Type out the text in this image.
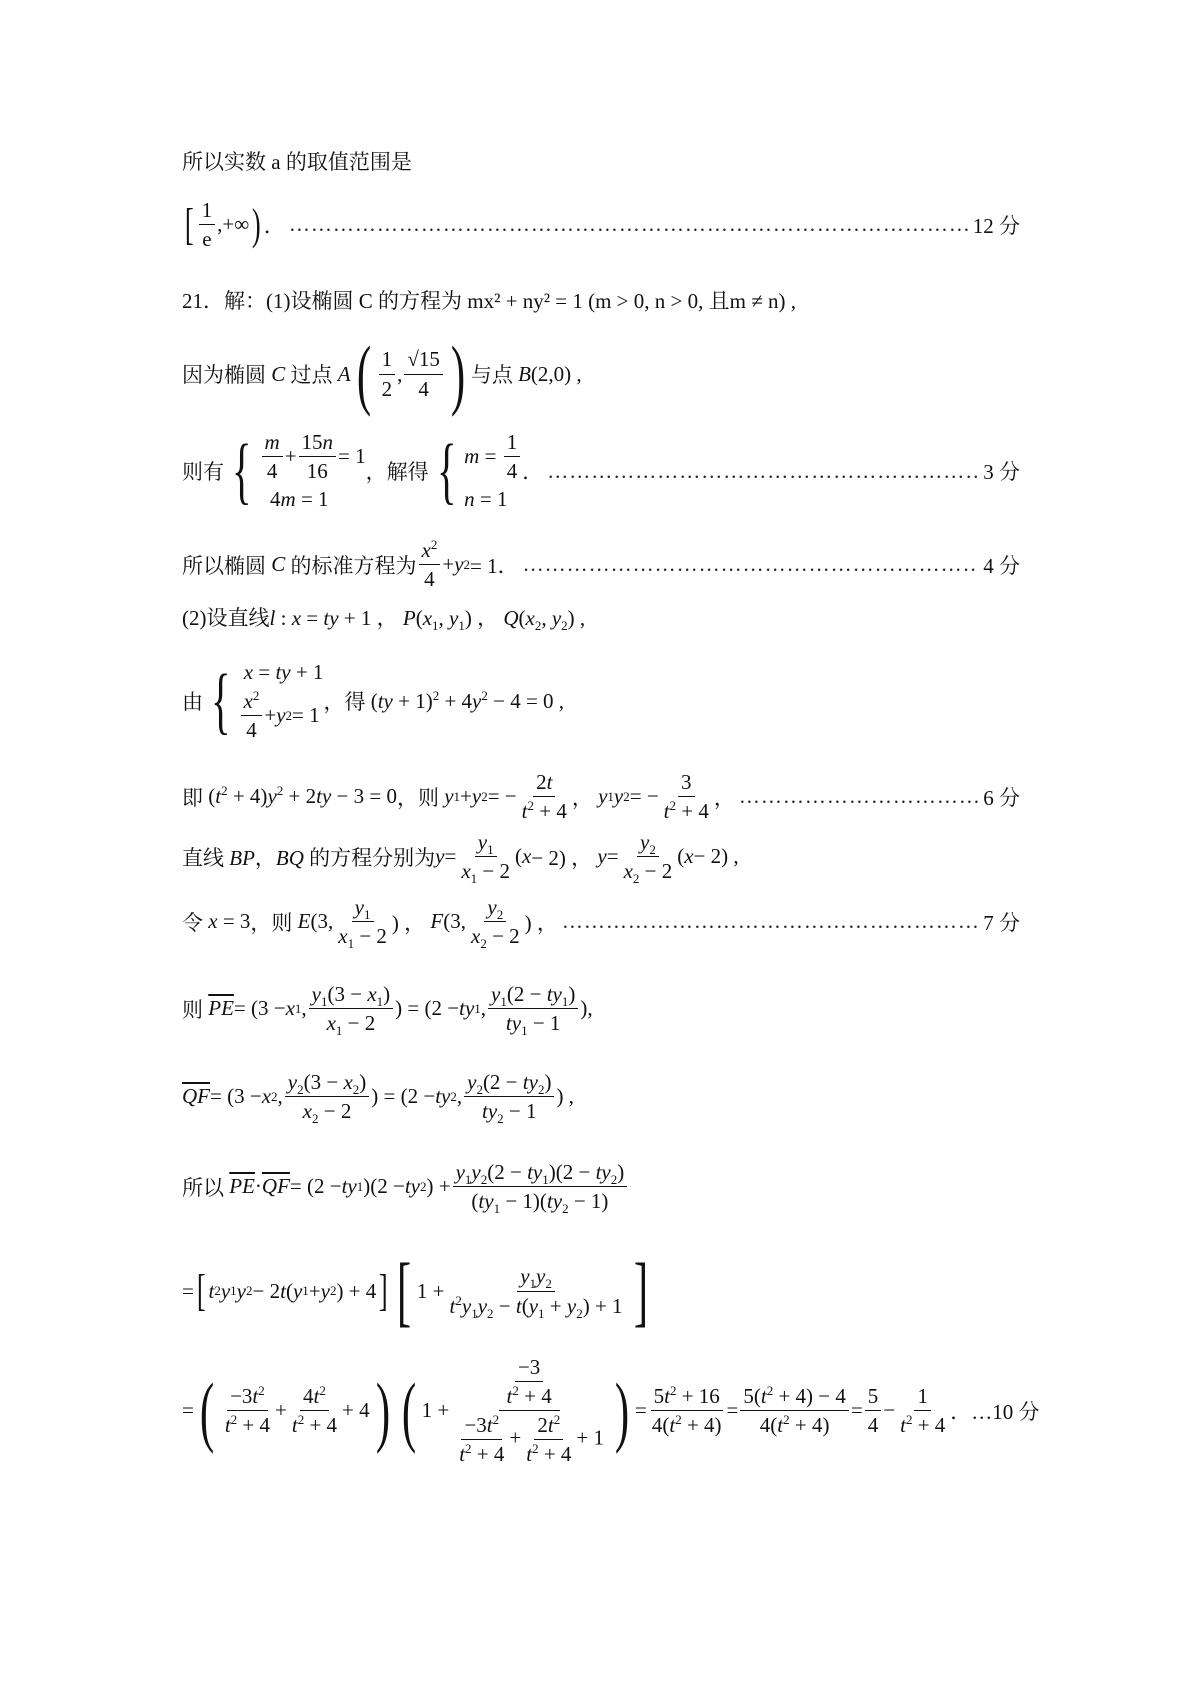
所以实数 a 的取值范围是
[ $\frac{1}{e}$ ,+∞ ) ． …………………………………………………………………………………………………………………………………………………………………………	12 分
21．解：(1)设椭圆 C 的方程为 mx² + ny² = 1 (m > 0, n > 0, 且m ≠ n) ,
因为椭圆 C 过点 A ( $\frac{1}{2}$ , $\frac{√15}{4}$ ) 与点 B(2,0) ,
则有 { $\frac{m}{4} + \frac{15n}{16} = 1$
4m = 1
，解得 { $m = \frac{1}{4}$
n = 1
． …………………………………………………………………………………………………………………………………………………………………………	3 分
所以椭圆 C 的标准方程为 $\frac{x^2}{4} + y$ 2 = 1． …………………………………………………………………………………………………………………………………………………………………………	4 分
(2)设直线 l : x = ty + 1 ， $P(x_1$, $y_1$) ， $Q(x_2$, $y_2$) ,
由 { x = ty + 1
$\frac{x^2}{4} + y$ 2 = 1
，得 $(ty + 1)^2 + 4y^2 - 4 = 0$ ,
即 $(t^2 + 4)y^2 + 2ty - 3 = 0$ ，则
y 1 + y 2 = − $\frac{2t}{t^2 + 4}$ ， y 1 y 2 = − $\frac{3}{t^2 + 4}$ ， …………………………………………………………………………………………………………………………………………………………………………	6 分
直线 BP，BQ 的方程分别为 $y = \frac{y_1}{x_1 - 2}$ ( x − 2) ， $y = \frac{y_2}{x_2 - 2}$ ( x − 2) ,
令 x = 3 ，则
E (3, $\frac{y_1}{x_1 - 2}$ ) ， F (3, $\frac{y_2}{x_2 - 2}$ ) ， …………………………………………………………………………………………………………………………………………………………………………	7 分
则
$\overline{PE} = (3 - x$ 1 , $\frac{y_1(3 - x_1)}{x_1 - 2}$ ) = (2 − ty 1 , $\frac{y_1(2 - ty_1)}{ty_1 - 1}$ ),
$\overline{QF} = (3 - x$ 2 , $\frac{y_2(3 - x_2)}{x_2 - 2}$ ) = (2 − ty 2 , $\frac{y_2(2 - ty_2)}{ty_2 - 1}$ ) ,
所以
$\overline{PE} \cdot \overline{QF} = (2$ − ty 1 )(2 − ty 2 ) + $\frac{y_1y_2(2 - ty_1)(2 - ty_2)}{(ty_1 - 1)(ty_2 - 1)}$
= [ t 2 y 1 y 2 − 2 t ( y 1 + y 2 ) + 4 ] [ $1 + \frac{y_1y_2}{t^2y_1y_2 - t(y_1 + y_2) + 1}$ ]
= ( $\frac{-3t^2}{t^2 + 4} + \frac{4t^2}{t^2 + 4} + 4$ ) ( $1 + \frac{\frac{-3}{t^2 + 4}}{\frac{-3t^2}{t^2 + 4} + \frac{2t^2}{t^2 + 4} + 1}$ ) = $\frac{5t^2 + 16}{4(t^2 + 4)} = \frac{5(t^2 + 4) - 4}{4(t^2 + 4)} = \frac{5}{4} - \frac{1}{t^2 + 4}$ ． …10 分
